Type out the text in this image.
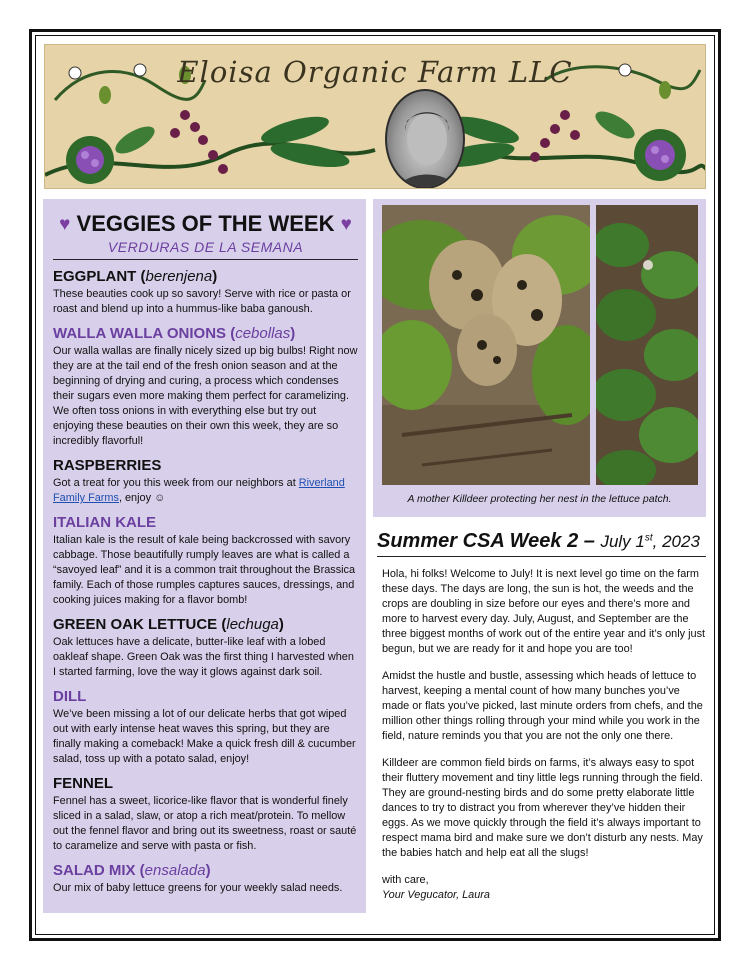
Eloisa Organic Farm LLC
♥ VEGGIES OF THE WEEK ♥
VERDURAS DE LA SEMANA
EGGPLANT (berenjena)
These beauties cook up so savory! Serve with rice or pasta or roast and blend up into a hummus-like baba ganoush.
WALLA WALLA ONIONS (cebollas)
Our walla wallas are finally nicely sized up big bulbs! Right now they are at the tail end of the fresh onion season and at the beginning of drying and curing, a process which condenses their sugars even more making them perfect for caramelizing. We often toss onions in with everything else but try out enjoying these beauties on their own this week, they are so incredibly flavorful!
RASPBERRIES
Got a treat for you this week from our neighbors at Riverland Family Farms, enjoy ☺
ITALIAN KALE
Italian kale is the result of kale being backcrossed with savory cabbage. Those beautifully rumply leaves are what is called a “savoyed leaf” and it is a common trait throughout the Brassica family. Each of those rumples captures sauces, dressings, and cooking juices making for a flavor bomb!
GREEN OAK LETTUCE (lechuga)
Oak lettuces have a delicate, butter-like leaf with a lobed oakleaf shape. Green Oak was the first thing I harvested when I started farming, love the way it glows against dark soil.
DILL
We’ve been missing a lot of our delicate herbs that got wiped out with early intense heat waves this spring, but they are finally making a comeback! Make a quick fresh dill & cucumber salad, toss up with a potato salad, enjoy!
FENNEL
Fennel has a sweet, licorice-like flavor that is wonderful finely sliced in a salad, slaw, or atop a rich meat/protein. To mellow out the fennel flavor and bring out its sweetness, roast or sauté to caramelize and serve with pasta or fish.
SALAD MIX (ensalada)
Our mix of baby lettuce greens for your weekly salad needs.
A mother Killdeer protecting her nest in the lettuce patch.
Summer CSA Week 2 – July 1st, 2023

Hola, hi folks! Welcome to July! It is next level go time on the farm these days. The days are long, the sun is hot, the weeds and the crops are doubling in size before our eyes and there’s more and more to harvest every day. July, August, and September are the three biggest months of work out of the entire year and it’s only just begun, but we are ready for it and hope you are too!

Amidst the hustle and bustle, assessing which heads of lettuce to harvest, keeping a mental count of how many bunches you’ve made or flats you’ve picked, last minute orders from chefs, and the million other things rolling through your mind while you work in the field, nature reminds you that you are not the only one there.

Killdeer are common field birds on farms, it’s always easy to spot their fluttery movement and tiny little legs running through the field. They are ground-nesting birds and do some pretty elaborate little dances to try to distract you from wherever they’ve hidden their eggs. As we move quickly through the field it’s always important to respect mama bird and make sure we don’t disturb any nests. May the babies hatch and help eat all the slugs!

with care,
Your Vegucator, Laura
